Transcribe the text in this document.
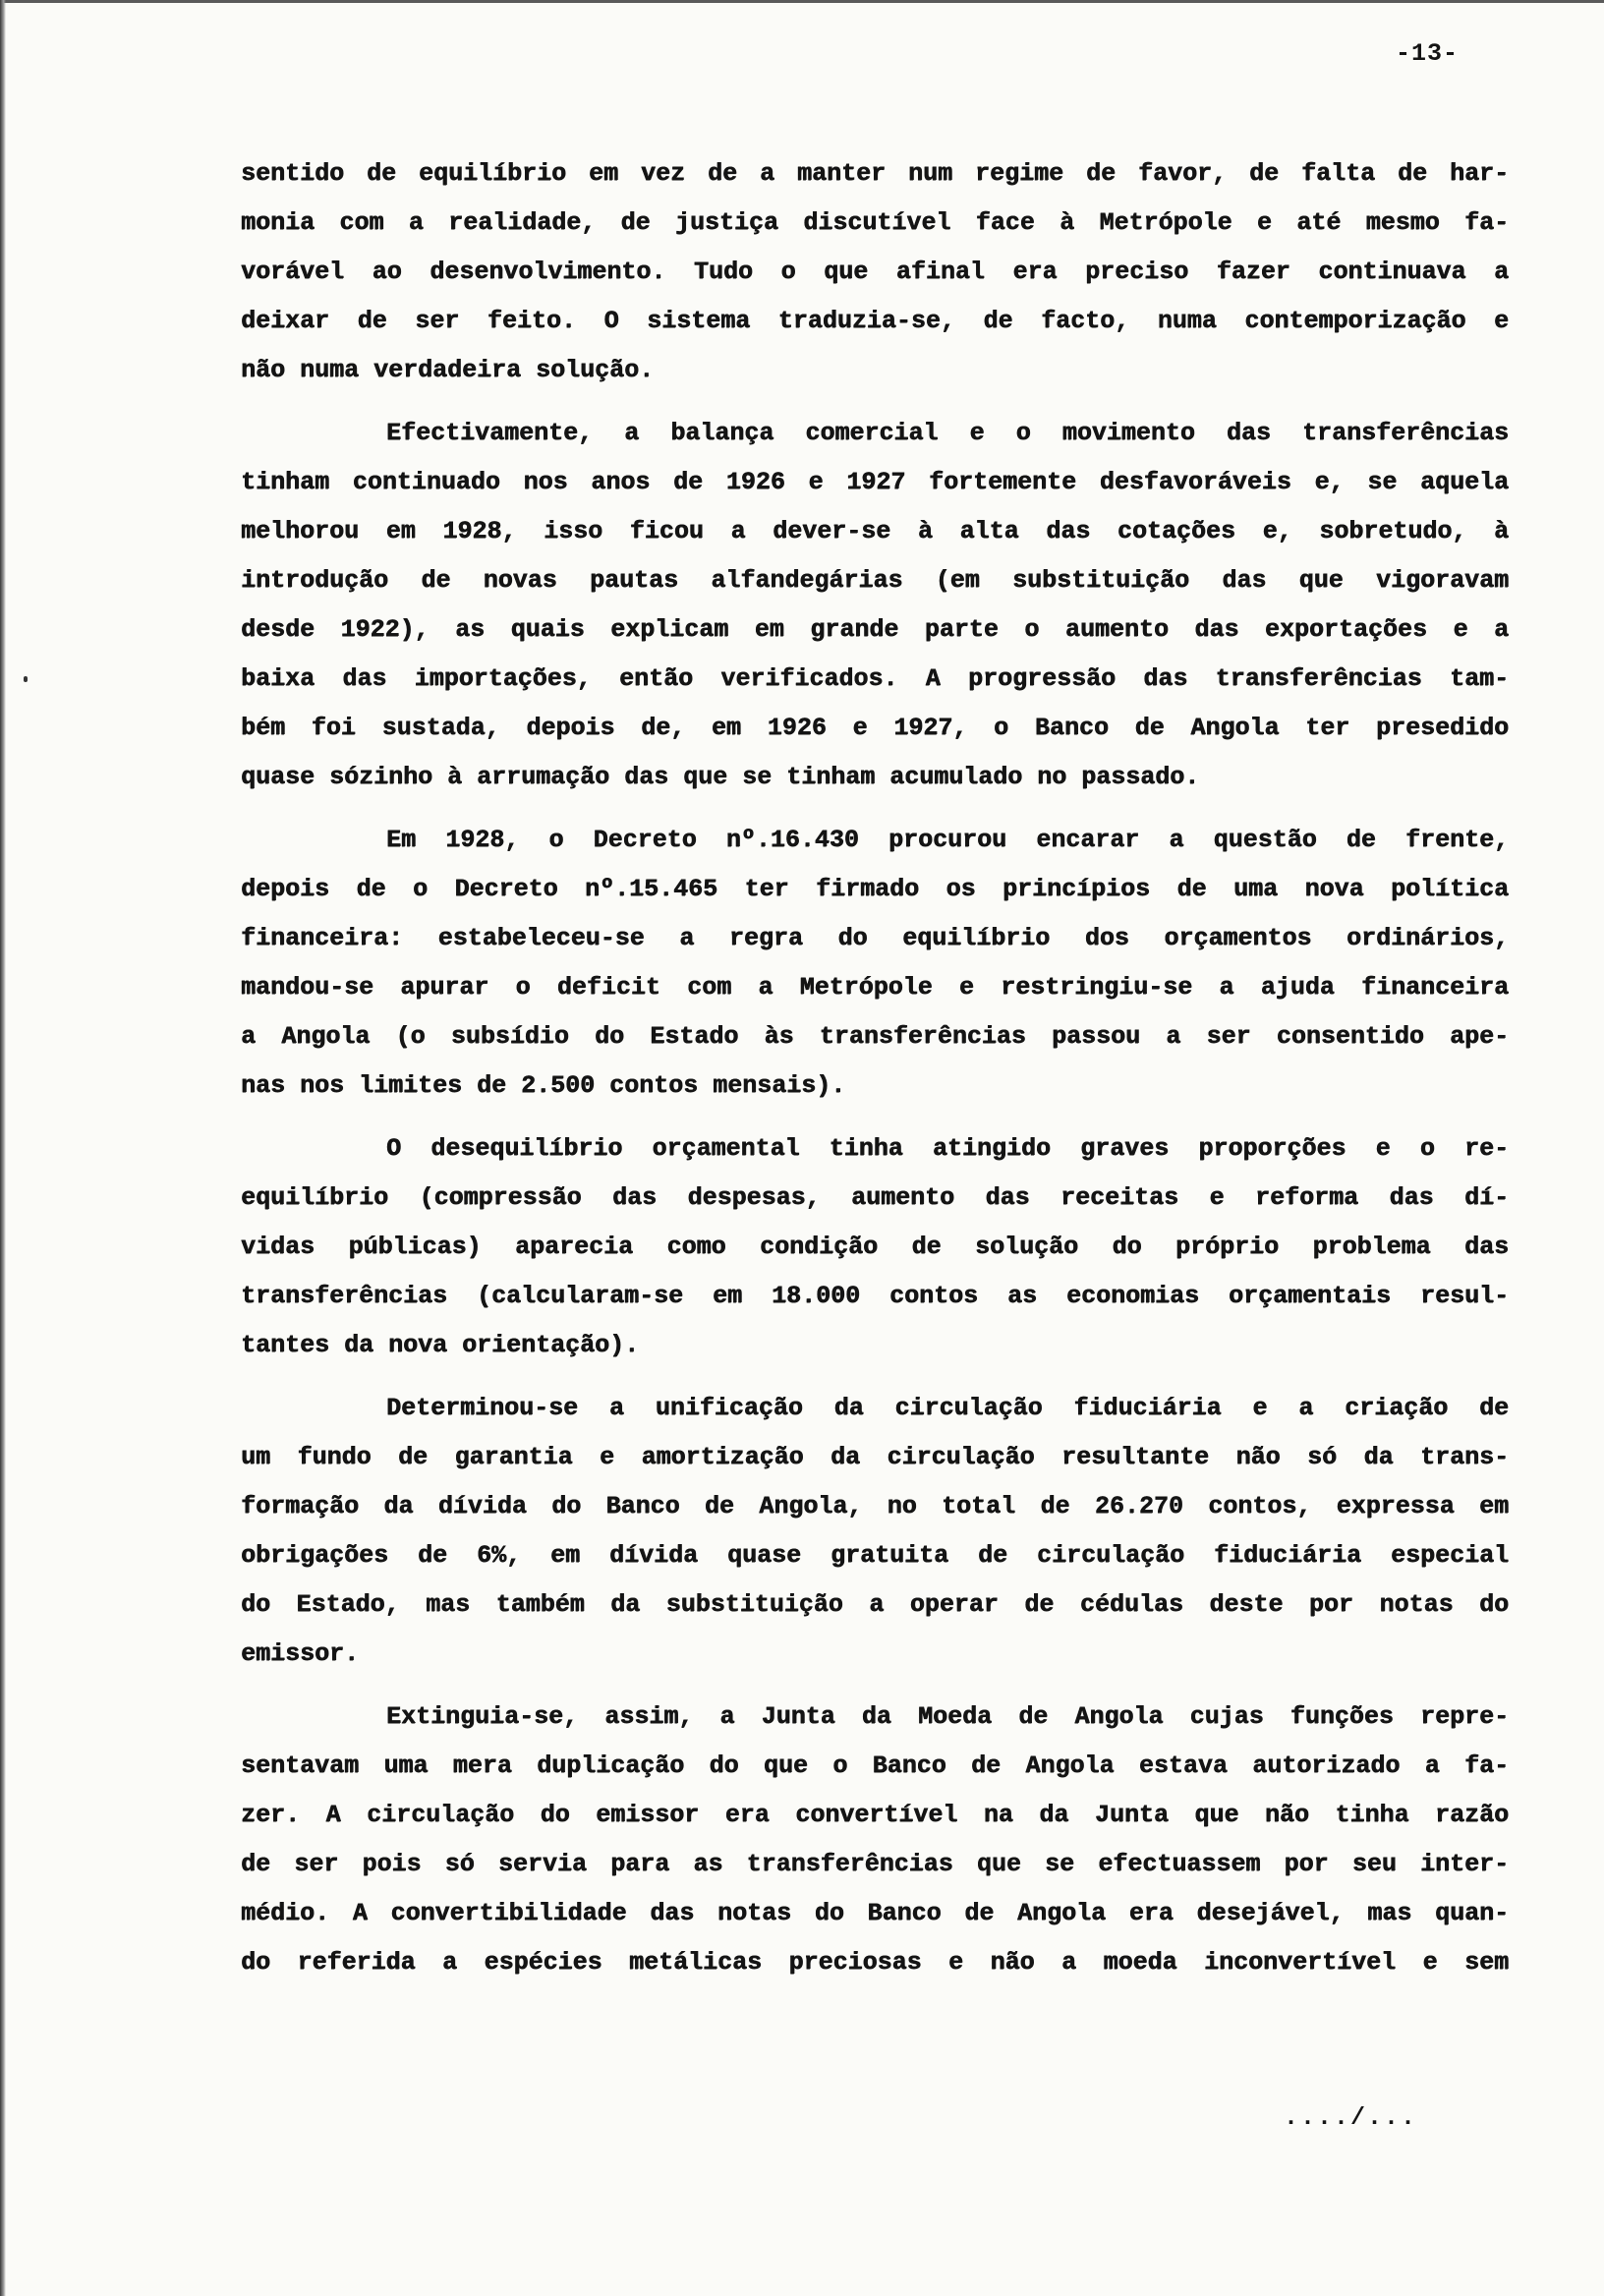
-13-
sentido de equilíbrio em vez de a manter num regime de favor, de falta de har-
monia com a realidade, de justiça discutível face à Metrópole e até mesmo fa-
vorável ao desenvolvimento. Tudo o que afinal era preciso fazer continuava a
deixar de ser feito. O sistema traduzia-se, de facto, numa contemporização e
não numa verdadeira solução.
Efectivamente, a balança comercial e o movimento das transferências
tinham continuado nos anos de 1926 e 1927 fortemente desfavoráveis e, se aquela
melhorou em 1928, isso ficou a dever-se à alta das cotações e, sobretudo, à
introdução de novas pautas alfandegárias (em substituição das que vigoravam
desde 1922), as quais explicam em grande parte o aumento das exportações e a
baixa das importações, então verificados. A progressão das transferências tam-
bém foi sustada, depois de, em 1926 e 1927, o Banco de Angola ter presedido
quase sózinho à arrumação das que se tinham acumulado no passado.
Em 1928, o Decreto nº.16.430 procurou encarar a questão de frente,
depois de o Decreto nº.15.465 ter firmado os princípios de uma nova política
financeira: estabeleceu-se a regra do equilíbrio dos orçamentos ordinários,
mandou-se apurar o deficit com a Metrópole e restringiu-se a ajuda financeira
a Angola (o subsídio do Estado às transferências passou a ser consentido ape-
nas nos limites de 2.500 contos mensais).
O desequilíbrio orçamental tinha atingido graves proporções e o re-
equilíbrio (compressão das despesas, aumento das receitas e reforma das dí-
vidas públicas) aparecia como condição de solução do próprio problema das
transferências (calcularam-se em 18.000 contos as economias orçamentais resul-
tantes da nova orientação).
Determinou-se a unificação da circulação fiduciária e a criação de
um fundo de garantia e amortização da circulação resultante não só da trans-
formação da dívida do Banco de Angola, no total de 26.270 contos, expressa em
obrigações de 6%, em dívida quase gratuita de circulação fiduciária especial
do Estado, mas também da substituição a operar de cédulas deste por notas do
emissor.
Extinguia-se, assim, a Junta da Moeda de Angola cujas funções repre-
sentavam uma mera duplicação do que o Banco de Angola estava autorizado a fa-
zer. A circulação do emissor era convertível na da Junta que não tinha razão
de ser pois só servia para as transferências que se efectuassem por seu inter-
médio. A convertibilidade das notas do Banco de Angola era desejável, mas quan-
do referida a espécies metálicas preciosas e não a moeda inconvertível e sem
..../...
